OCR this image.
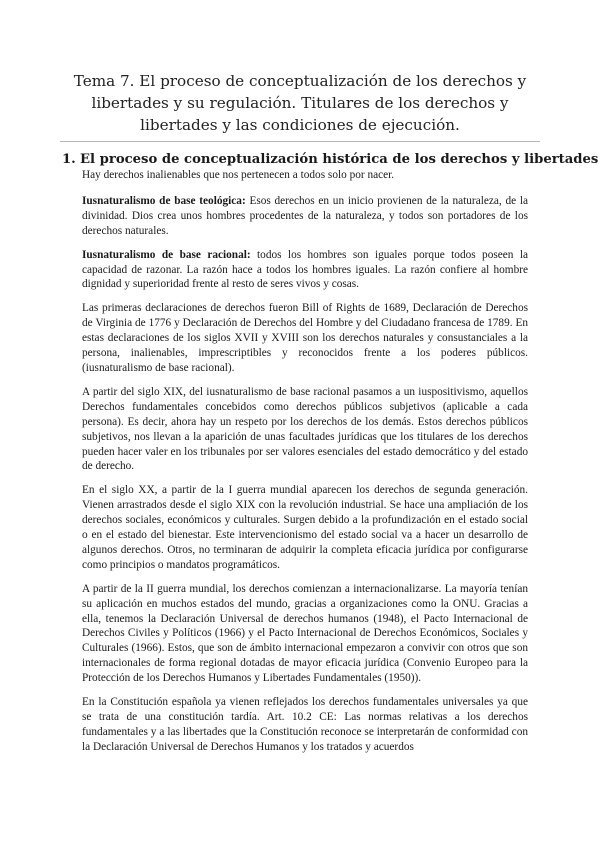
Tema 7. El proceso de conceptualización de los derechos y libertades y su regulación. Titulares de los derechos y libertades y las condiciones de ejecución.
1. El proceso de conceptualización histórica de los derechos y libertades

Hay derechos inalienables que nos pertenecen a todos solo por nacer.

Iusnaturalismo de base teológica: Esos derechos en un inicio provienen de la naturaleza, de la divinidad. Dios crea unos hombres procedentes de la naturaleza, y todos son portadores de los derechos naturales.

Iusnaturalismo de base racional: todos los hombres son iguales porque todos poseen la capacidad de razonar. La razón hace a todos los hombres iguales. La razón confiere al hombre dignidad y superioridad frente al resto de seres vivos y cosas.

Las primeras declaraciones de derechos fueron Bill of Rights de 1689, Declaración de Derechos de Virginia de 1776 y Declaración de Derechos del Hombre y del Ciudadano francesa de 1789. En estas declaraciones de los siglos XVII y XVIII son los derechos naturales y consustanciales a la persona, inalienables, imprescriptibles y reconocidos frente a los poderes públicos. (iusnaturalismo de base racional).

A partir del siglo XIX, del iusnaturalismo de base racional pasamos a un iuspositivismo, aquellos Derechos fundamentales concebidos como derechos públicos subjetivos (aplicable a cada persona). Es decir, ahora hay un respeto por los derechos de los demás. Estos derechos públicos subjetivos, nos llevan a la aparición de unas facultades jurídicas que los titulares de los derechos pueden hacer valer en los tribunales por ser valores esenciales del estado democrático y del estado de derecho.

En el siglo XX, a partir de la I guerra mundial aparecen los derechos de segunda generación. Vienen arrastrados desde el siglo XIX con la revolución industrial. Se hace una ampliación de los derechos sociales, económicos y culturales. Surgen debido a la profundización en el estado social o en el estado del bienestar. Este intervencionismo del estado social va a hacer un desarrollo de algunos derechos. Otros, no terminaran de adquirir la completa eficacia jurídica por configurarse como principios o mandatos programáticos.

A partir de la II guerra mundial, los derechos comienzan a internacionalizarse. La mayoría tenían su aplicación en muchos estados del mundo, gracias a organizaciones como la ONU. Gracias a ella, tenemos la Declaración Universal de derechos humanos (1948), el Pacto Internacional de Derechos Civiles y Políticos (1966) y el Pacto Internacional de Derechos Económicos, Sociales y Culturales (1966). Estos, que son de ámbito internacional empezaron a convivir con otros que son internacionales de forma regional dotadas de mayor eficacia jurídica (Convenio Europeo para la Protección de los Derechos Humanos y Libertades Fundamentales (1950)).

En la Constitución española ya vienen reflejados los derechos fundamentales universales ya que se trata de una constitución tardía. Art. 10.2 CE: Las normas relativas a los derechos fundamentales y a las libertades que la Constitución reconoce se interpretarán de conformidad con la Declaración Universal de Derechos Humanos y los tratados y acuerdos
